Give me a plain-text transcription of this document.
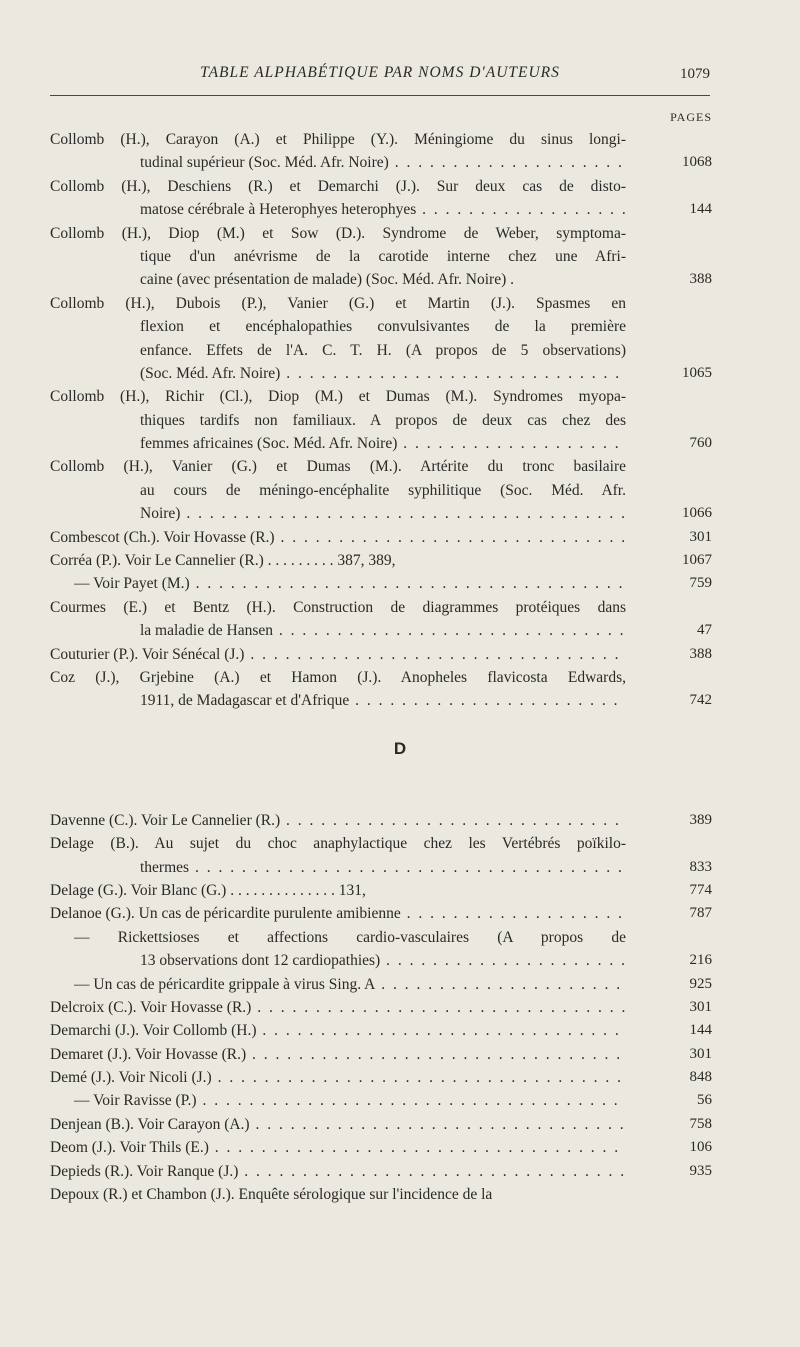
TABLE ALPHABÉTIQUE PAR NOMS D'AUTEURS	1079
PAGES
Collomb (H.), Carayon (A.) et Philippe (Y.). Méningiome du sinus longi-
tudinal supérieur (Soc. Méd. Afr. Noire) . . .	1068
Collomb (H.), Deschiens (R.) et Demarchi (J.). Sur deux cas de disto-
matose cérébrale à Heterophyes heterophyes . . .	144
Collomb (H.), Diop (M.) et Sow (D.). Syndrome de Weber, symptoma-
tique d'un anévrisme de la carotide interne chez une Afri-
caine (avec présentation de malade) (Soc. Méd. Afr. Noire) .	388
Collomb (H.), Dubois (P.), Vanier (G.) et Martin (J.). Spasmes en
flexion et encéphalopathies convulsivantes de la première
enfance. Effets de l'A. C. T. H. (A propos de 5 observations)
(Soc. Méd. Afr. Noire) . . .	1065
Collomb (H.), Richir (Cl.), Diop (M.) et Dumas (M.). Syndromes myopa-
thiques tardifs non familiaux. A propos de deux cas chez des
femmes africaines (Soc. Méd. Afr. Noire) . . .	760
Collomb (H.), Vanier (G.) et Dumas (M.). Artérite du tronc basilaire
au cours de méningo-encéphalite syphilitique (Soc. Méd. Afr.
Noire) . . .	1066
Combescot (Ch.). Voir Hovasse (R.) . . .	301
Corréa (P.). Voir Le Cannelier (R.) . . . . . . . . . 387, 389,	1067
— Voir Payet (M.) . . .	759
Courmes (E.) et Bentz (H.). Construction de diagrammes protéiques dans
la maladie de Hansen . . .	47
Couturier (P.). Voir Sénécal (J.) . . .	388
Coz (J.), Grjebine (A.) et Hamon (J.). Anopheles flavicosta Edwards,
1911, de Madagascar et d'Afrique . . .	742
D
Davenne (C.). Voir Le Cannelier (R.) . . .	389
Delage (B.). Au sujet du choc anaphylactique chez les Vertébrés poïkilo-
thermes . . .	833
Delage (G.). Voir Blanc (G.) . . . . . . . . . . . . . . 131,	774
Delanoe (G.). Un cas de péricardite purulente amibienne . . .	787
— Rickettsioses et affections cardio-vasculaires (A propos de
13 observations dont 12 cardiopathies) . . .	216
— Un cas de péricardite grippale à virus Sing. A . . .	925
Delcroix (C.). Voir Hovasse (R.) . . .	301
Demarchi (J.). Voir Collomb (H.) . . .	144
Demaret (J.). Voir Hovasse (R.) . . .	301
Demé (J.). Voir Nicoli (J.) . . .	848
— Voir Ravisse (P.) . . .	56
Denjean (B.). Voir Carayon (A.) . . .	758
Deom (J.). Voir Thils (E.) . . .	106
Depieds (R.). Voir Ranque (J.) . . .	935
Depoux (R.) et Chambon (J.). Enquête sérologique sur l'incidence de la
